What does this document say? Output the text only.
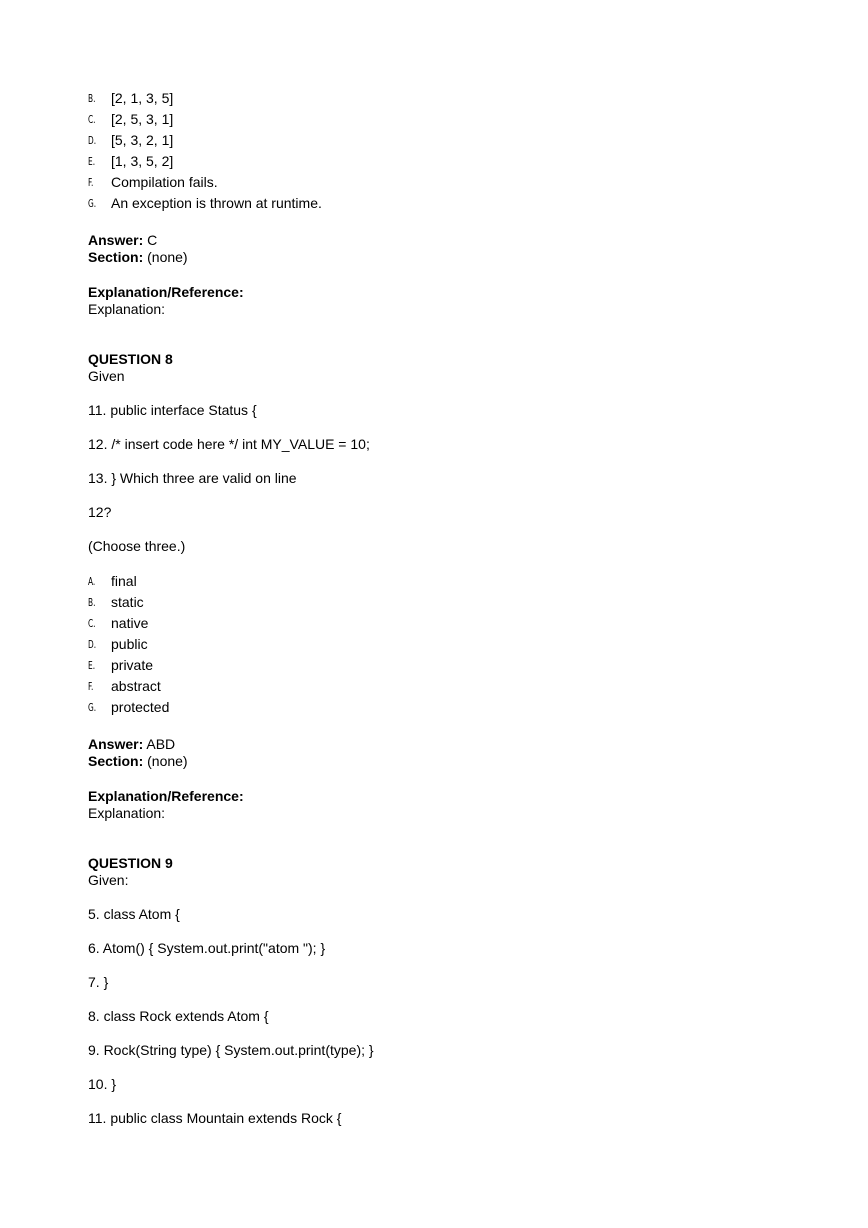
B. [2, 1, 3, 5]
C. [2, 5, 3, 1]
D. [5, 3, 2, 1]
E. [1, 3, 5, 2]
F. Compilation fails.
G. An exception is thrown at runtime.
Answer: C
Section: (none)
Explanation/Reference:
Explanation:
QUESTION 8
Given
11. public interface Status {
12. /* insert code here */ int MY_VALUE = 10;
13. } Which three are valid on line
12?
(Choose three.)
A. final
B. static
C. native
D. public
E. private
F. abstract
G. protected
Answer: ABD
Section: (none)
Explanation/Reference:
Explanation:
QUESTION 9
Given:
5. class Atom {
6. Atom() { System.out.print("atom "); }
7. }
8. class Rock extends Atom {
9. Rock(String type) { System.out.print(type); }
10. }
11. public class Mountain extends Rock {
